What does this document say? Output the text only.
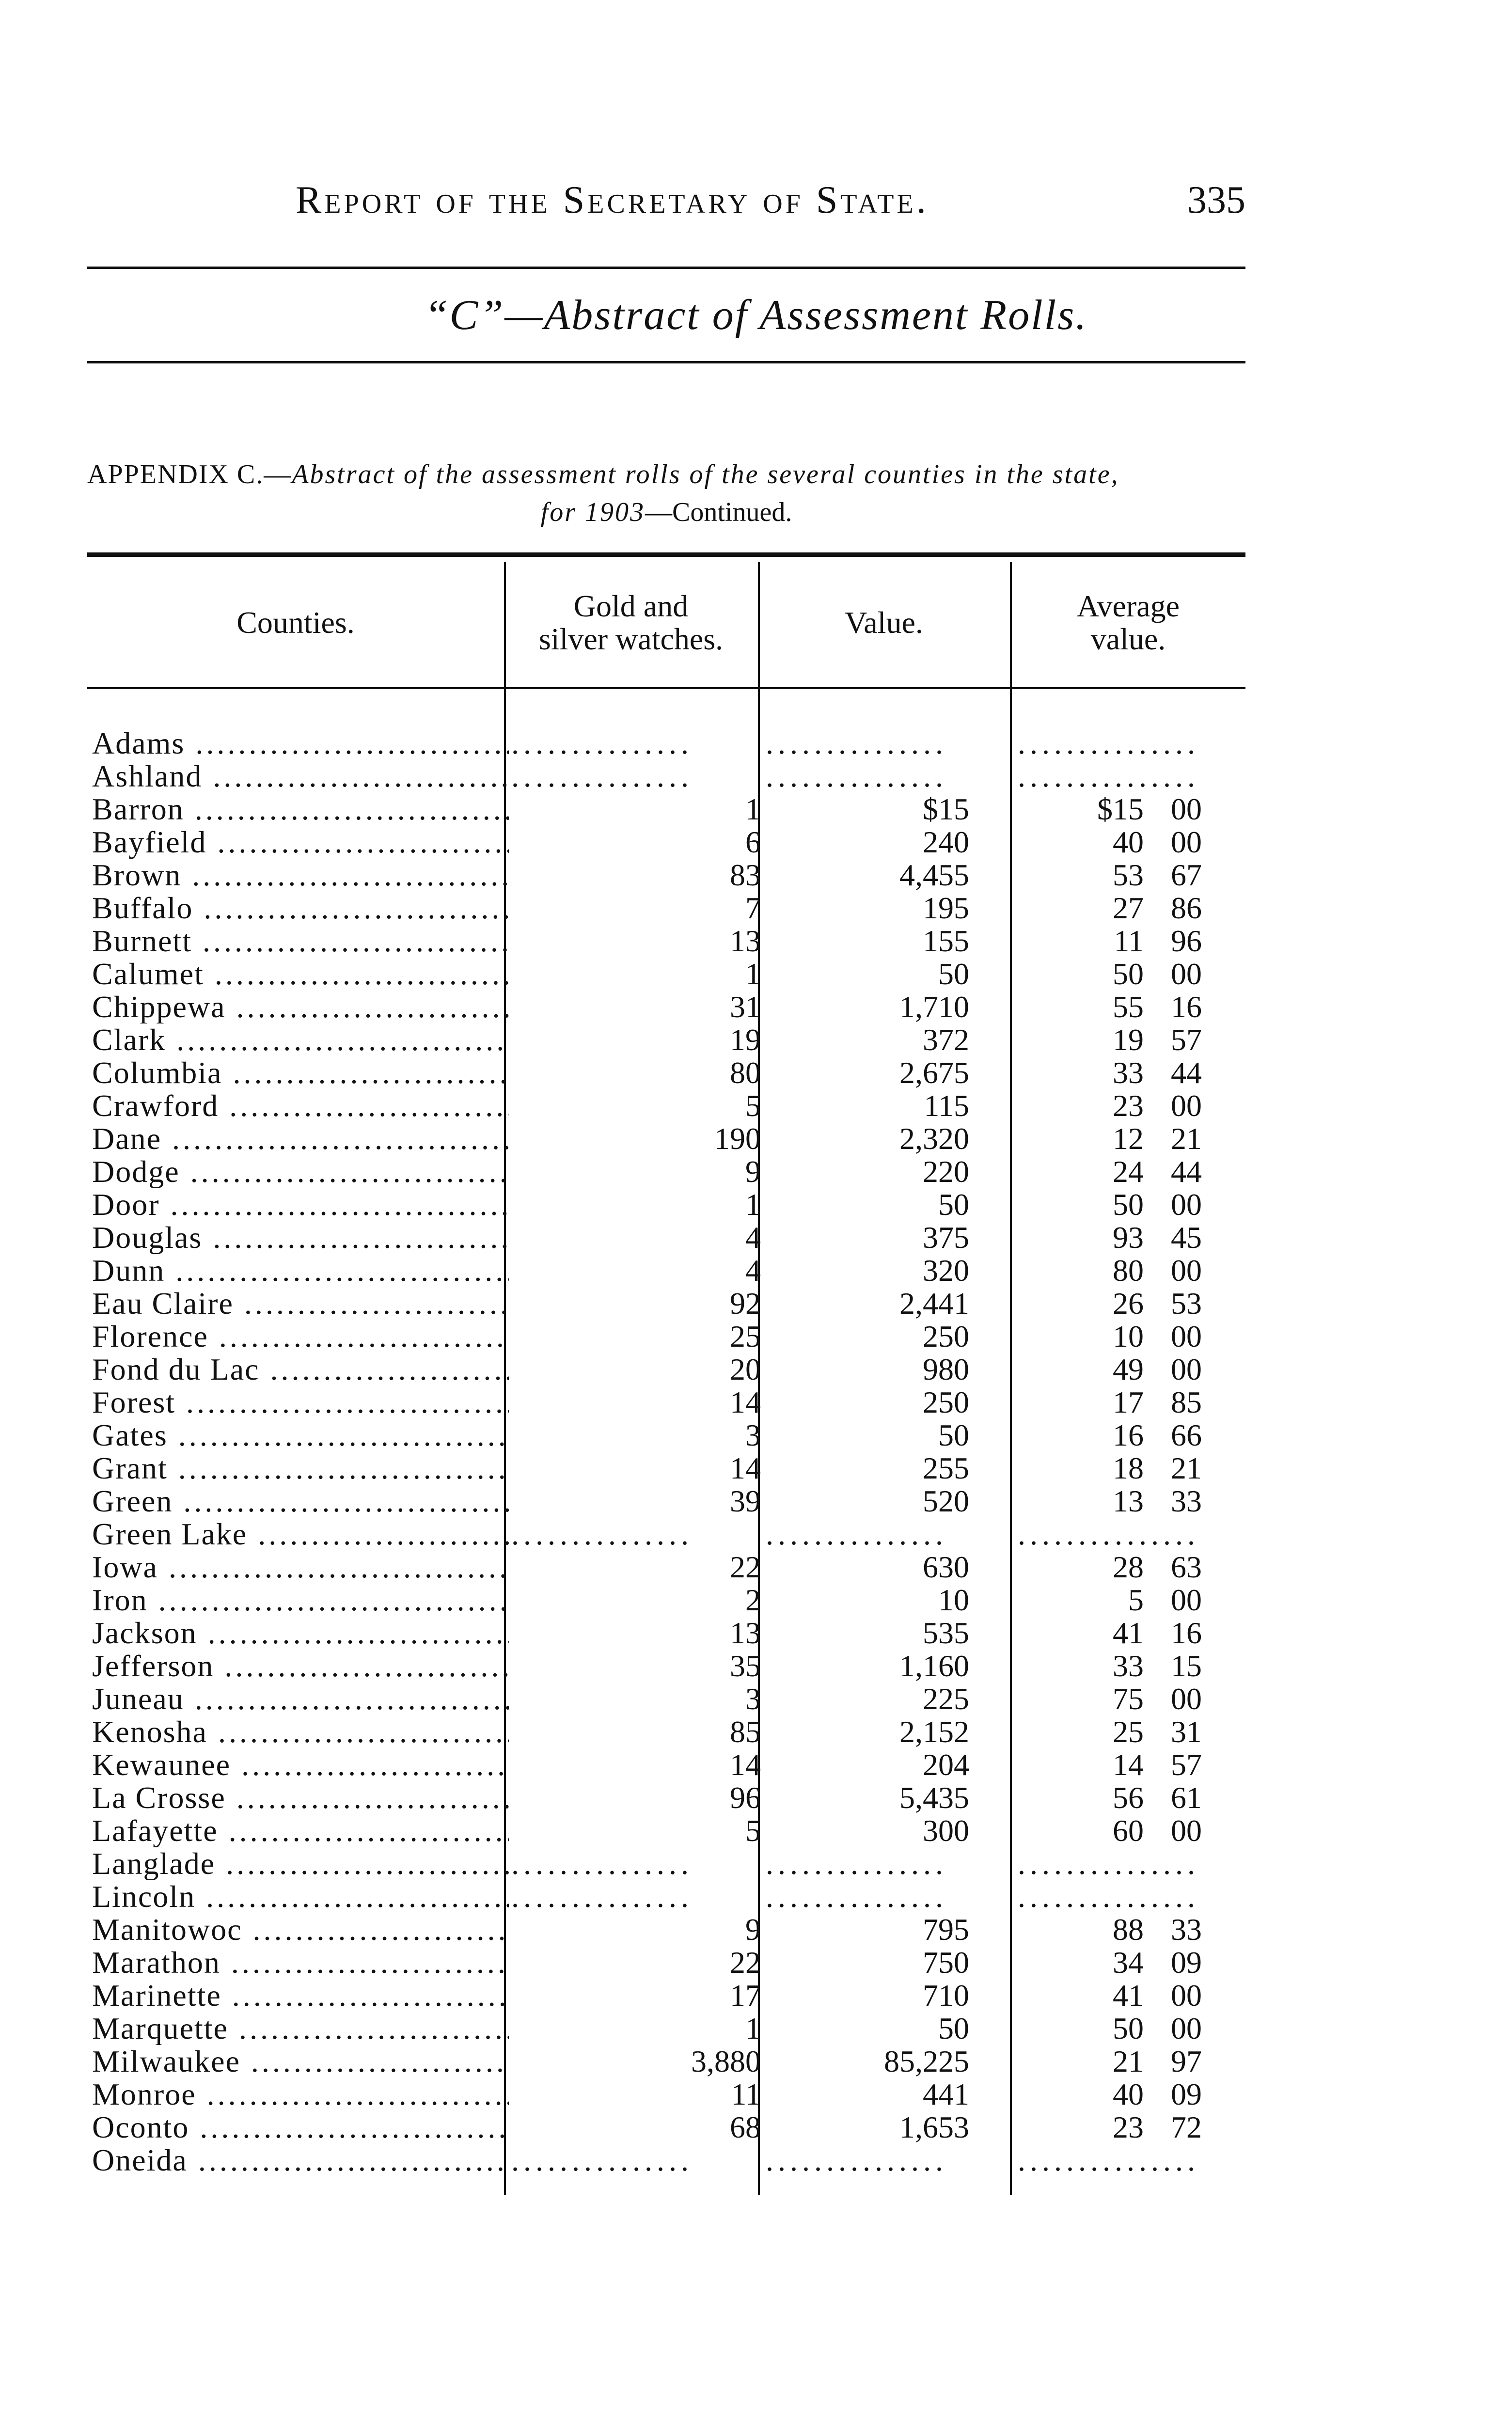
Report of the Secretary of State.	335
“C”—Abstract of Assessment Rolls.
APPENDIX C.—Abstract of the assessment rolls of the several counties in the state,
for 1903—Continued.
Counties.	Gold and
silver watches.	Value.	Average
value.
Adams .....	...............	...............	...............
Ashland .....	...............	...............	...............
Barron .....	1	$15	$15 00
Bayfield .....	6	240	40 00
Brown .....	83	4,455	53 67
Buffalo .....	7	195	27 86
Burnett .....	13	155	11 96
Calumet .....	1	50	50 00
Chippewa .....	31	1,710	55 16
Clark .....	19	372	19 57
Columbia .....	80	2,675	33 44
Crawford .....	5	115	23 00
Dane .....	190	2,320	12 21
Dodge .....	9	220	24 44
Door .....	1	50	50 00
Douglas .....	4	375	93 45
Dunn .....	4	320	80 00
Eau Claire .....	92	2,441	26 53
Florence .....	25	250	10 00
Fond du Lac .....	20	980	49 00
Forest .....	14	250	17 85
Gates .....	3	50	16 66
Grant .....	14	255	18 21
Green .....	39	520	13 33
Green Lake .....	...............	...............	...............
Iowa .....	22	630	28 63
Iron .....	2	10	5 00
Jackson .....	13	535	41 16
Jefferson .....	35	1,160	33 15
Juneau .....	3	225	75 00
Kenosha .....	85	2,152	25 31
Kewaunee .....	14	204	14 57
La Crosse .....	96	5,435	56 61
Lafayette .....	5	300	60 00
Langlade .....	...............	...............	...............
Lincoln .....	...............	...............	...............
Manitowoc .....	9	795	88 33
Marathon .....	22	750	34 09
Marinette .....	17	710	41 00
Marquette .....	1	50	50 00
Milwaukee .....	3,880	85,225	21 97
Monroe .....	11	441	40 09
Oconto .....	68	1,653	23 72
Oneida .....	...............	...............	...............
